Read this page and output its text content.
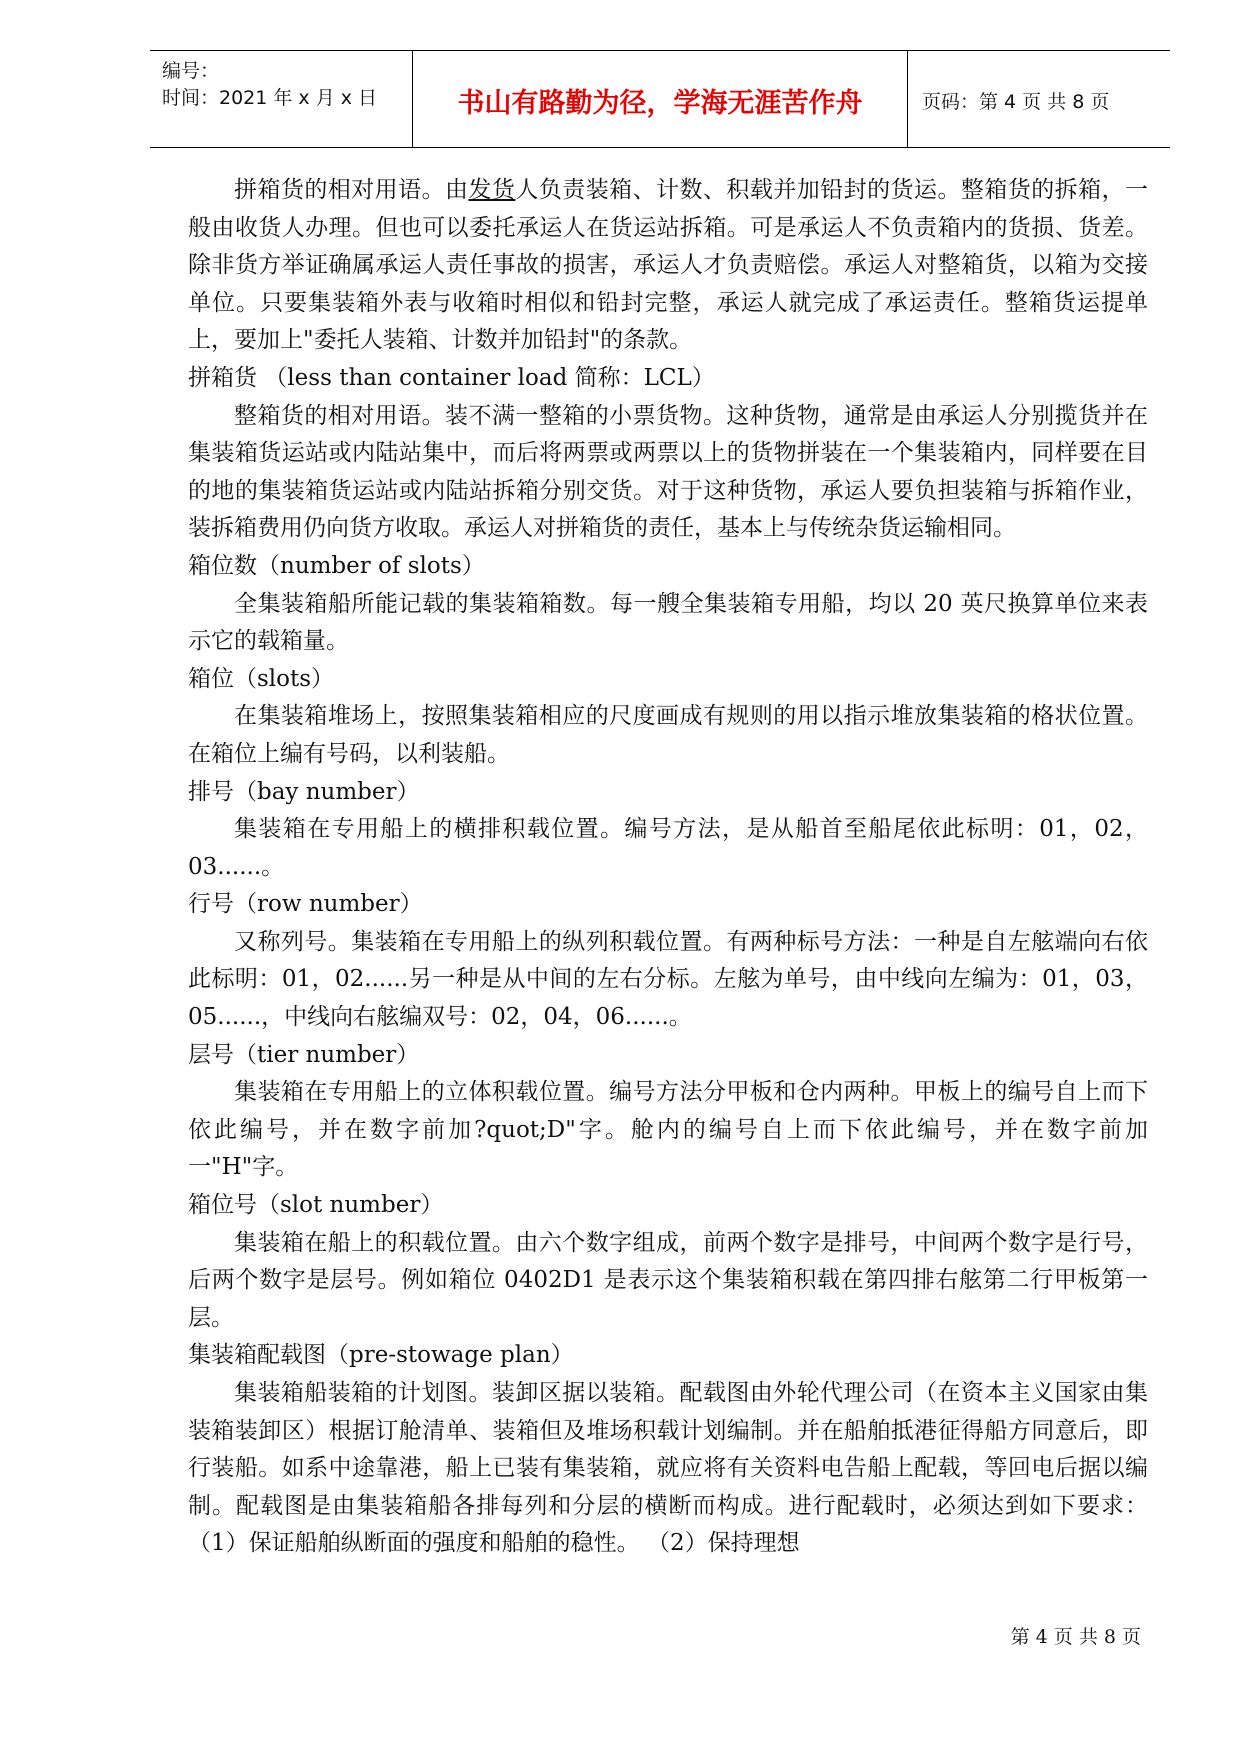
编号：
时间：2021 年 x 月 x 日	书山有路勤为径，学海无涯苦作舟	页码：第 4 页 共 8 页

拼箱货的相对用语。由发货人负责装箱、计数、积载并加铅封的货运。整箱货的拆箱，一般由收货人办理。但也可以委托承运人在货运站拆箱。可是承运人不负责箱内的货损、货差。除非货方举证确属承运人责任事故的损害，承运人才负责赔偿。承运人对整箱货，以箱为交接单位。只要集装箱外表与收箱时相似和铅封完整，承运人就完成了承运责任。整箱货运提单上，要加上"委托人装箱、计数并加铅封"的条款。

拼箱货 （less than container load 简称：LCL）

整箱货的相对用语。装不满一整箱的小票货物。这种货物，通常是由承运人分别揽货并在集装箱货运站或内陆站集中，而后将两票或两票以上的货物拼装在一个集装箱内，同样要在目的地的集装箱货运站或内陆站拆箱分别交货。对于这种货物，承运人要负担装箱与拆箱作业，装拆箱费用仍向货方收取。承运人对拼箱货的责任，基本上与传统杂货运输相同。

箱位数（number of slots）

全集装箱船所能记载的集装箱箱数。每一艘全集装箱专用船，均以 20 英尺换算单位来表示它的载箱量。

箱位（slots）

在集装箱堆场上，按照集装箱相应的尺度画成有规则的用以指示堆放集装箱的格状位置。在箱位上编有号码，以利装船。

排号（bay number）

集装箱在专用船上的横排积载位置。编号方法，是从船首至船尾依此标明：01，02，03......。

行号（row number）

又称列号。集装箱在专用船上的纵列积载位置。有两种标号方法：一种是自左舷端向右依此标明：01，02......另一种是从中间的左右分标。左舷为单号，由中线向左编为：01，03，05......，中线向右舷编双号：02，04，06......。

层号（tier number）

集装箱在专用船上的立体积载位置。编号方法分甲板和仓内两种。甲板上的编号自上而下依此编号，并在数字前加?quot;D"字。舱内的编号自上而下依此编号，并在数字前加一"H"字。

箱位号（slot number）

集装箱在船上的积载位置。由六个数字组成，前两个数字是排号，中间两个数字是行号，后两个数字是层号。例如箱位 0402D1 是表示这个集装箱积载在第四排右舷第二行甲板第一层。

集装箱配载图（pre-stowage plan）

集装箱船装箱的计划图。装卸区据以装箱。配载图由外轮代理公司（在资本主义国家由集装箱装卸区）根据订舱清单、装箱但及堆场积载计划编制。并在船舶抵港征得船方同意后，即行装船。如系中途靠港，船上已装有集装箱，就应将有关资料电告船上配载，等回电后据以编制。配载图是由集装箱船各排每列和分层的横断而构成。进行配载时，必须达到如下要求： （1）保证船舶纵断面的强度和船舶的稳性。 （2）保持理想

第 4 页 共 8 页
